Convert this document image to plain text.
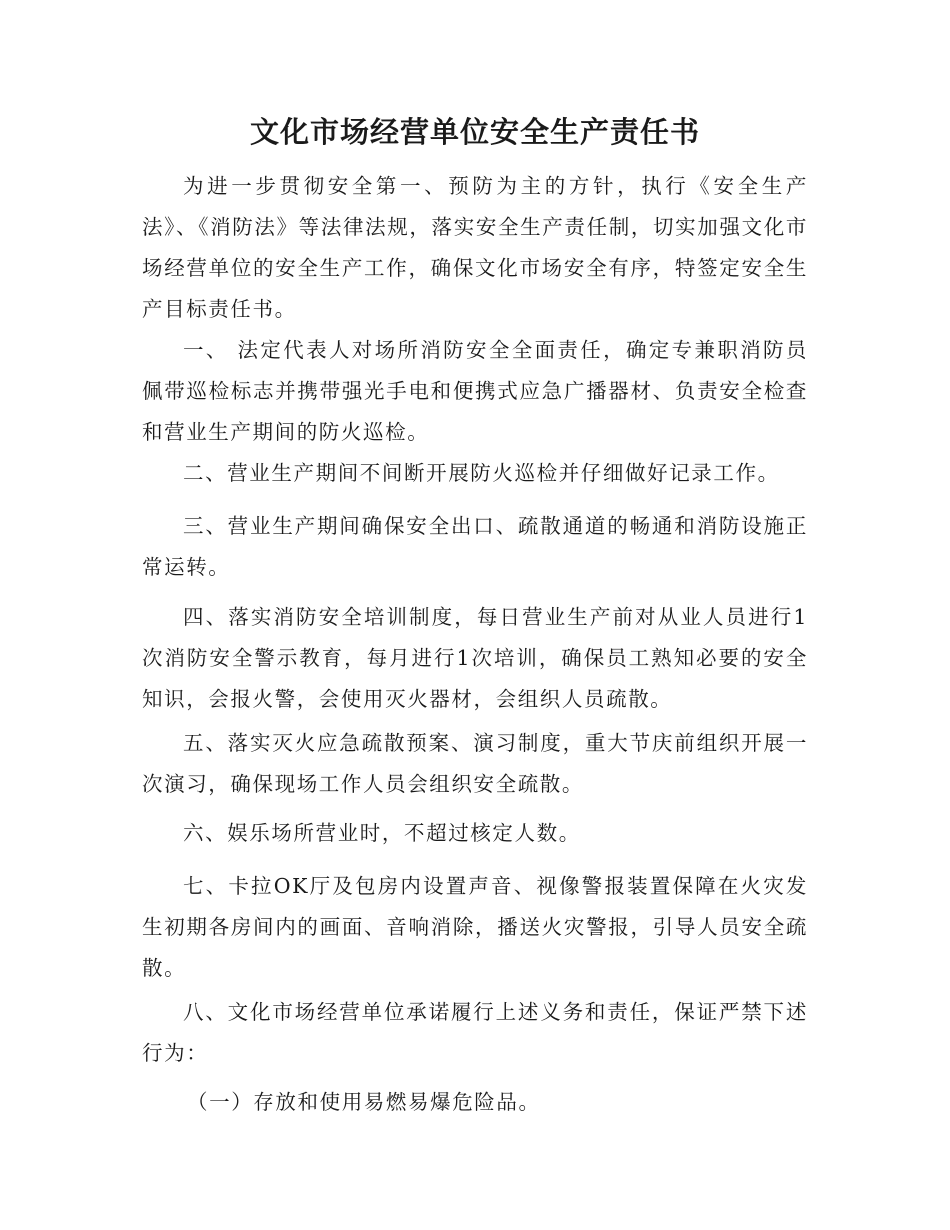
文化市场经营单位安全生产责任书

为进一步贯彻安全第一、预防为主的方针，执行《安全生产法》、《消防法》等法律法规，落实安全生产责任制，切实加强文化市场经营单位的安全生产工作，确保文化市场安全有序，特签定安全生产目标责任书。

一、 法定代表人对场所消防安全全面责任，确定专兼职消防员佩带巡检标志并携带强光手电和便携式应急广播器材、负责安全检查和营业生产期间的防火巡检。

二、营业生产期间不间断开展防火巡检并仔细做好记录工作。

三、营业生产期间确保安全出口、疏散通道的畅通和消防设施正常运转。

四、落实消防安全培训制度，每日营业生产前对从业人员进行1次消防安全警示教育，每月进行1次培训，确保员工熟知必要的安全知识，会报火警，会使用灭火器材，会组织人员疏散。

五、落实灭火应急疏散预案、演习制度，重大节庆前组织开展一次演习，确保现场工作人员会组织安全疏散。

六、娱乐场所营业时，不超过核定人数。

七、卡拉OK厅及包房内设置声音、视像警报装置保障在火灾发生初期各房间内的画面、音响消除，播送火灾警报，引导人员安全疏散。

八、文化市场经营单位承诺履行上述义务和责任，保证严禁下述行为：

（一）存放和使用易燃易爆危险品。
